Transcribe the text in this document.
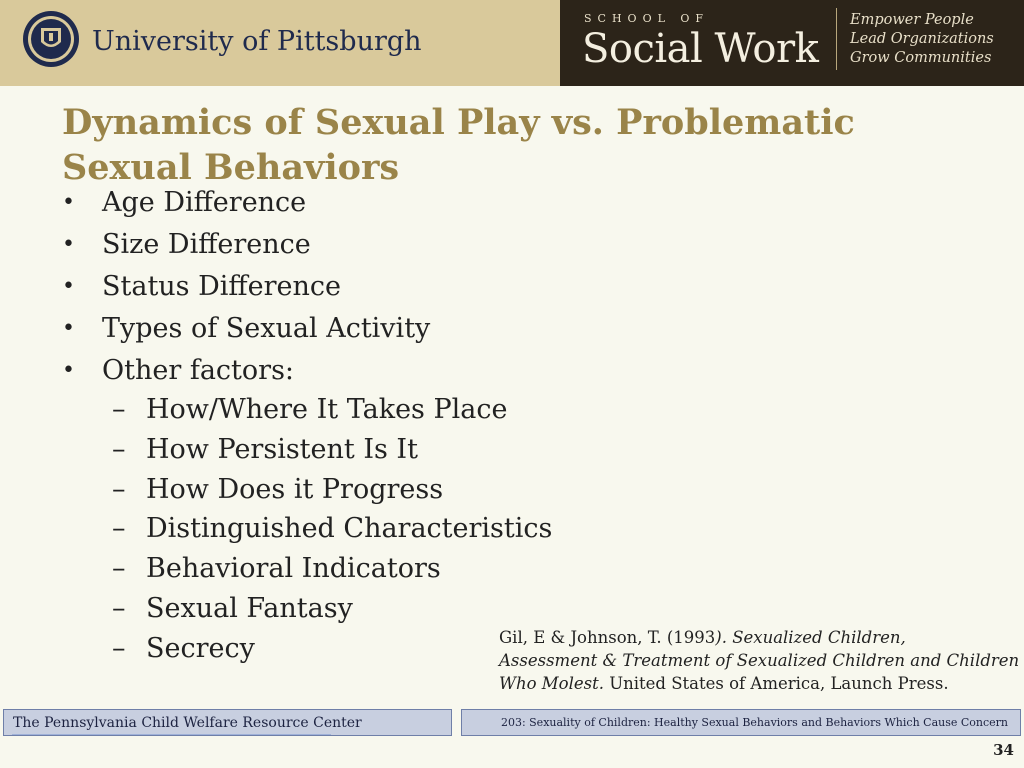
University of Pittsburgh
SCHOOL OF
Social Work
Empower People
Lead Organizations
Grow Communities
Dynamics of Sexual Play vs. Problematic
Sexual Behaviors
• Age Difference
• Size Difference
• Status Difference
• Types of Sexual Activity
• Other factors:
– How/Where It Takes Place
– How Persistent Is It
– How Does it Progress
– Distinguished Characteristics
– Behavioral Indicators
– Sexual Fantasy
– Secrecy	Gil, E & Johnson, T. (1993). Sexualized Children,
Assessment & Treatment of Sexualized Children and Children
Who Molest. United States of America, Launch Press.
The Pennsylvania Child Welfare Resource Center	203: Sexuality of Children: Healthy Sexual Behaviors and Behaviors Which Cause Concern
34
